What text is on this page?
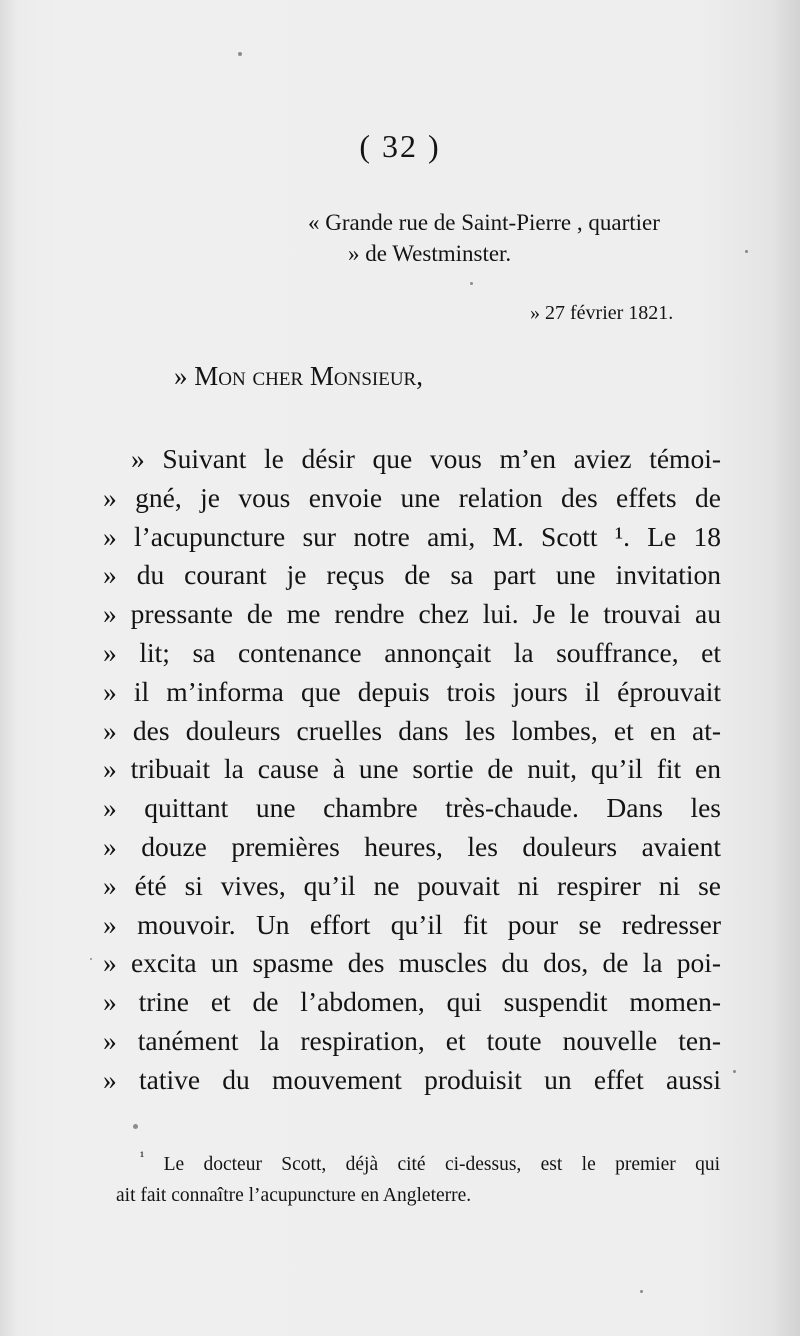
( 32 )
« Grande rue de Saint-Pierre , quartier
» de Westminster.
» 27 février 1821.
» Mon cher Monsieur,
» Suivant le désir que vous m’en aviez témoi-
» gné, je vous envoie une relation des effets de
» l’acupuncture sur notre ami, M. Scott ¹. Le 18
» du courant je reçus de sa part une invitation
» pressante de me rendre chez lui. Je le trouvai au
» lit; sa contenance annonçait la souffrance, et
» il m’informa que depuis trois jours il éprouvait
» des douleurs cruelles dans les lombes, et en at-
» tribuait la cause à une sortie de nuit, qu’il fit en
» quittant une chambre très-chaude. Dans les
» douze premières heures, les douleurs avaient
» été si vives, qu’il ne pouvait ni respirer ni se
» mouvoir. Un effort qu’il fit pour se redresser
» excita un spasme des muscles du dos, de la poi-
» trine et de l’abdomen, qui suspendit momen-
» tanément la respiration, et toute nouvelle ten-
» tative du mouvement produisit un effet aussi
$^{^1}$ Le docteur Scott, déjà cité ci-dessus, est le premier qui
ait fait connaître l’acupuncture en Angleterre.
